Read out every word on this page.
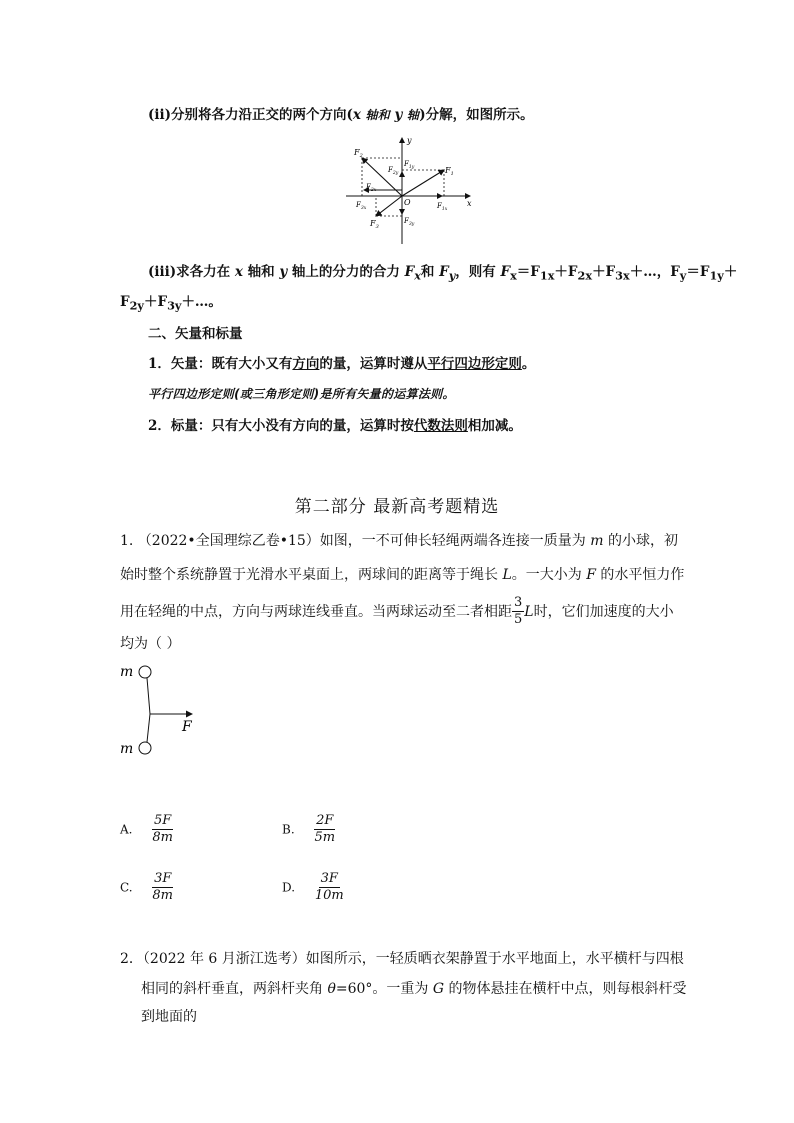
(ii)分别将各力沿正交的两个方向(x 轴和 y 轴)分解，如图所示。
y
x
O
$F_1$
$F_2$
$F_3$
$F_{1x}$
$F_{1y}$
$F_{2x}$
$F_{2y}$
$F_{3x}$
$F_{3y}$
(iii)求各力在 x 轴和 y 轴上的分力的合力 $F_x$和 $F_y$，则有 $F_x=F_{1x}+F_{2x}+F_{3x}+\dots$，$F_y=F_{1y}+$
$F_{2y}+F_{3y}+\dots$。
二、矢量和标量
1．矢量：既有大小又有方向的量，运算时遵从平行四边形定则。
平行四边形定则(或三角形定则)是所有矢量的运算法则。
2．标量：只有大小没有方向的量，运算时按代数法则相加减。
第二部分 最新高考题精选
1. （2022•全国理综乙卷•15）如图，一不可伸长轻绳两端各连接一质量为 m 的小球，初
始时整个系统静置于光滑水平桌面上，两球间的距离等于绳长 L。一大小为 F 的水平恒力作
用在轻绳的中点，方向与两球连线垂直。当两球运动至二者相距 $\frac{3}{5}$ L时，它们加速度的大小
均为（ ）
m
m
F
A. $\frac{5F}{8m}$	B. $\frac{2F}{5m}$
C. $\frac{3F}{8m}$	D. $\frac{3F}{10m}$
2．（2022 年 6 月浙江选考）如图所示，一轻质晒衣架静置于水平地面上，水平横杆与四根
相同的斜杆垂直，两斜杆夹角 θ=60°。一重为 G 的物体悬挂在横杆中点，则每根斜杆受
到地面的
